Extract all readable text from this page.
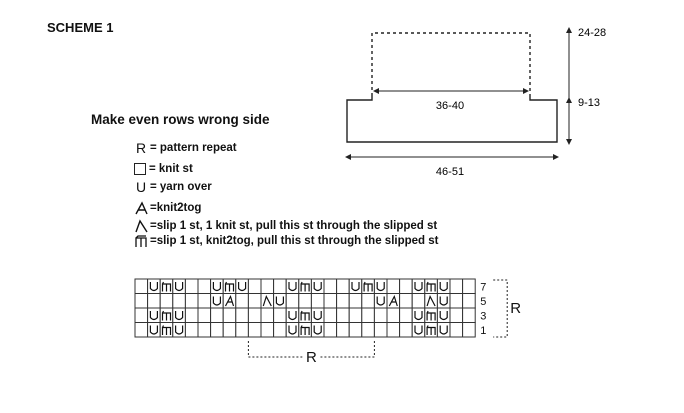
SCHEME 1
36-40
46-51
24-28
9-13
Make even rows wrong side
R = pattern repeat
= knit st
U = yarn over
=knit2tog
=slip 1 st, 1 knit st, pull this st through the slipped st
=slip 1 st, knit2tog, pull this st through the slipped st
7
5
3
1
R
R
